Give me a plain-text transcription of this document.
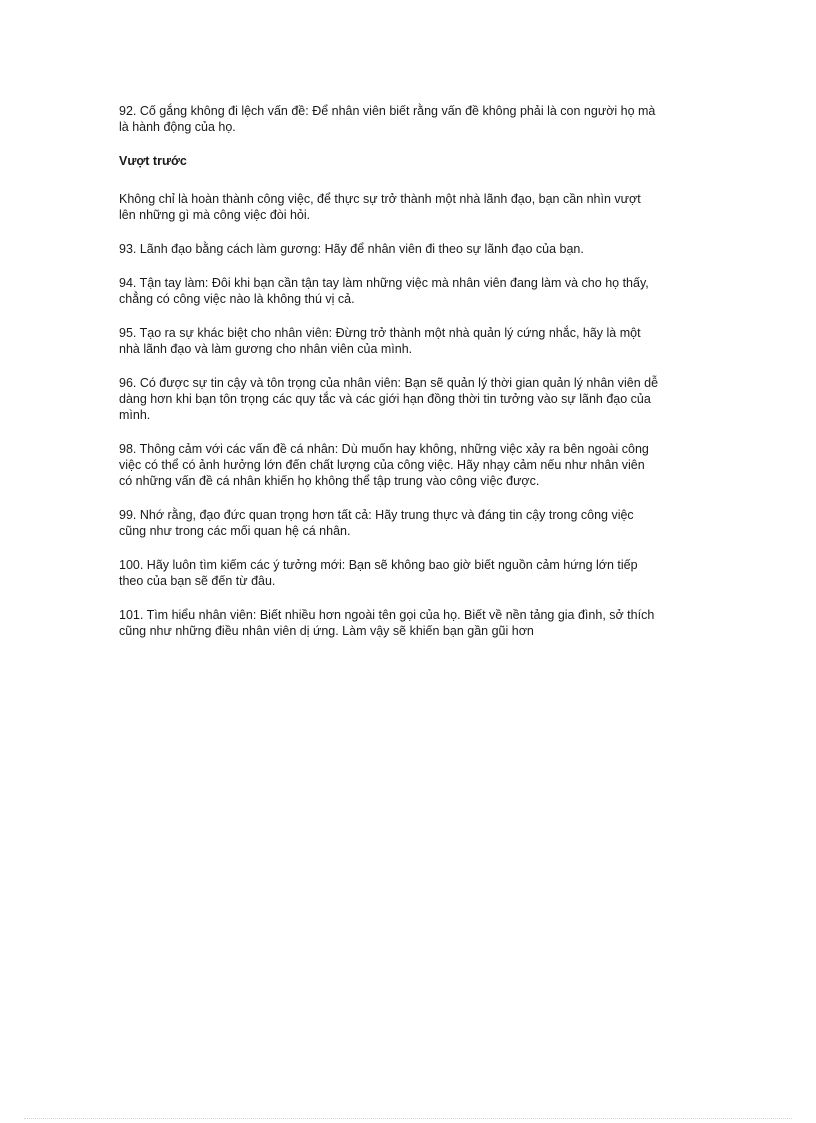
92. Cố gắng không đi lệch vấn đề: Để nhân viên biết rằng vấn đề không phải là con người họ mà
là hành động của họ.

Vượt trước

Không chỉ là hoàn thành công việc, để thực sự trở thành một nhà lãnh đạo, bạn cần nhìn vượt
lên những gì mà công việc đòi hỏi.

93. Lãnh đạo bằng cách làm gương: Hãy để nhân viên đi theo sự lãnh đạo của bạn.

94. Tận tay làm: Đôi khi bạn cần tận tay làm những việc mà nhân viên đang làm và cho họ thấy,
chẳng có công việc nào là không thú vị cả.

95. Tạo ra sự khác biệt cho nhân viên: Đừng trở thành một nhà quản lý cứng nhắc, hãy là một
nhà lãnh đạo và làm gương cho nhân viên của mình.

96. Có được sự tin cậy và tôn trọng của nhân viên: Bạn sẽ quản lý thời gian quản lý nhân viên dễ
dàng hơn khi bạn tôn trọng các quy tắc và các giới hạn đồng thời tin tưởng vào sự lãnh đạo của
mình.

98. Thông cảm với các vấn đề cá nhân: Dù muốn hay không, những việc xảy ra bên ngoài công
việc có thể có ảnh hưởng lớn đến chất lượng của công việc. Hãy nhạy cảm nếu như nhân viên
có những vấn đề cá nhân khiến họ không thể tập trung vào công việc được.

99. Nhớ rằng, đạo đức quan trọng hơn tất cả: Hãy trung thực và đáng tin cậy trong công việc
cũng như trong các mối quan hệ cá nhân.

100. Hãy luôn tìm kiếm các ý tưởng mới: Bạn sẽ không bao giờ biết nguồn cảm hứng lớn tiếp
theo của bạn sẽ đến từ đâu.

101. Tìm hiểu nhân viên: Biết nhiều hơn ngoài tên gọi của họ. Biết về nền tảng gia đình, sở thích
cũng như những điều nhân viên dị ứng. Làm vậy sẽ khiến bạn gần gũi hơn
